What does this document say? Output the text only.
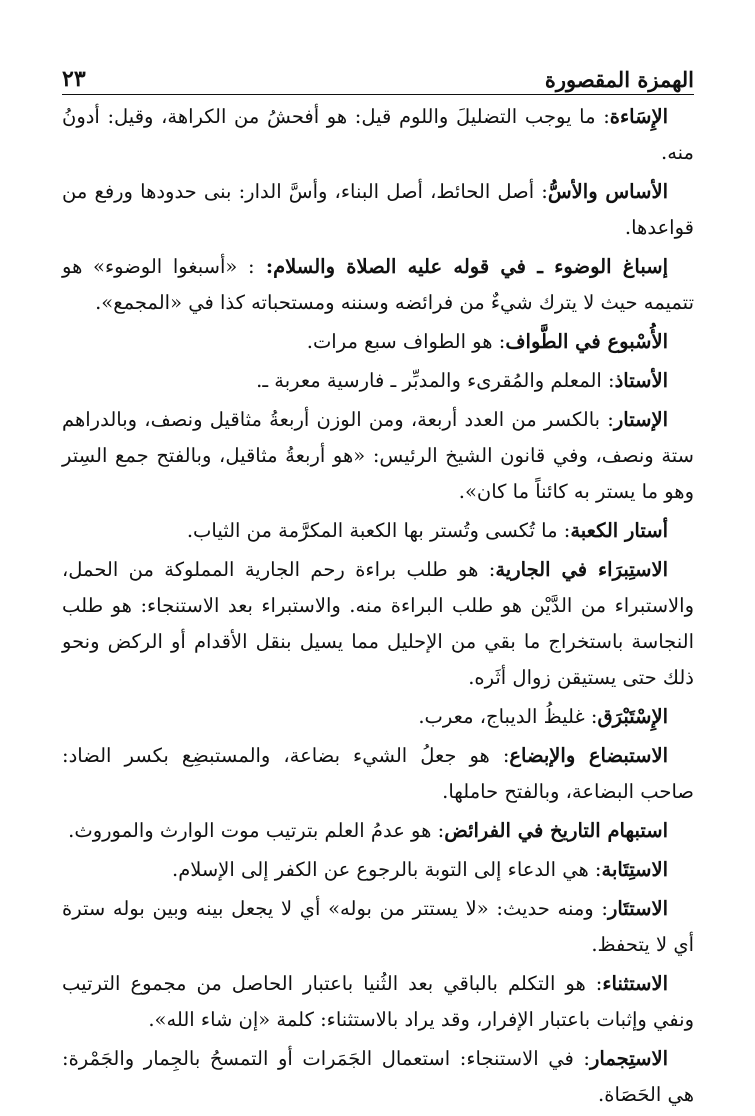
الهمزة المقصورة
٢٣

الإِسَاءة: ما يوجب التضليلَ واللوم قيل: هو أفحشُ من الكراهة، وقيل: أدونُ منه.

الأساس والأسُّ: أصل الحائط، أصل البناء، وأسَّ الدار: بنى حدودها ورفع من قواعدها.

إسباغ الوضوء ـ في قوله عليه الصلاة والسلام: : «أسبغوا الوضوء» هو تتميمه حيث لا يترك شيءٌ من فرائضه وسننه ومستحباته كذا في «المجمع».

الأُسْبوع في الطَّواف: هو الطواف سبع مرات.

الأستاذ: المعلم والمُقرىء والمدبِّر ـ فارسية معربة ـ.

الإستار: بالكسر من العدد أربعة، ومن الوزن أربعةُ مثاقيل ونصف، وبالدراهم ستة ونصف، وفي قانون الشيخ الرئيس: «هو أربعةُ مثاقيل، وبالفتح جمع السِتر وهو ما يستر به كائناً ما كان».

أستار الكعبة: ما تُكسى وتُستر بها الكعبة المكرَّمة من الثياب.

الاستِبرَاء في الجارية: هو طلب براءة رحم الجارية المملوكة من الحمل، والاستبراء من الدَّيْن هو طلب البراءة منه. والاستبراء بعد الاستنجاء: هو طلب النجاسة باستخراج ما بقي من الإحليل مما يسيل بنقل الأقدام أو الركض ونحو ذلك حتى يستيقن زوال أثَره.

الإِسْتَبْرَق: غليظُ الديباج، معرب.

الاستبضاع والإبضاع: هو جعلُ الشيء بضاعة، والمستبضِع بكسر الضاد: صاحب البضاعة، وبالفتح حاملها.

استبهام التاريخ في الفرائض: هو عدمُ العلم بترتيب موت الوارث والموروث.

الاستِتَابة: هي الدعاء إلى التوبة بالرجوع عن الكفر إلى الإسلام.

الاستتَار: ومنه حديث: «لا يستتر من بوله» أي لا يجعل بينه وبين بوله سترة أي لا يتحفظ.

الاستثناء: هو التكلم بالباقي بعد الثُنيا باعتبار الحاصل من مجموع الترتيب ونفي وإثبات باعتبار الإفرار، وقد يراد بالاستثناء: كلمة «إن شاء الله».

الاستِجمار: في الاستنجاء: استعمال الجَمَرات أو التمسحُ بالجِمار والجَمْرة: هي الحَصَاة.
